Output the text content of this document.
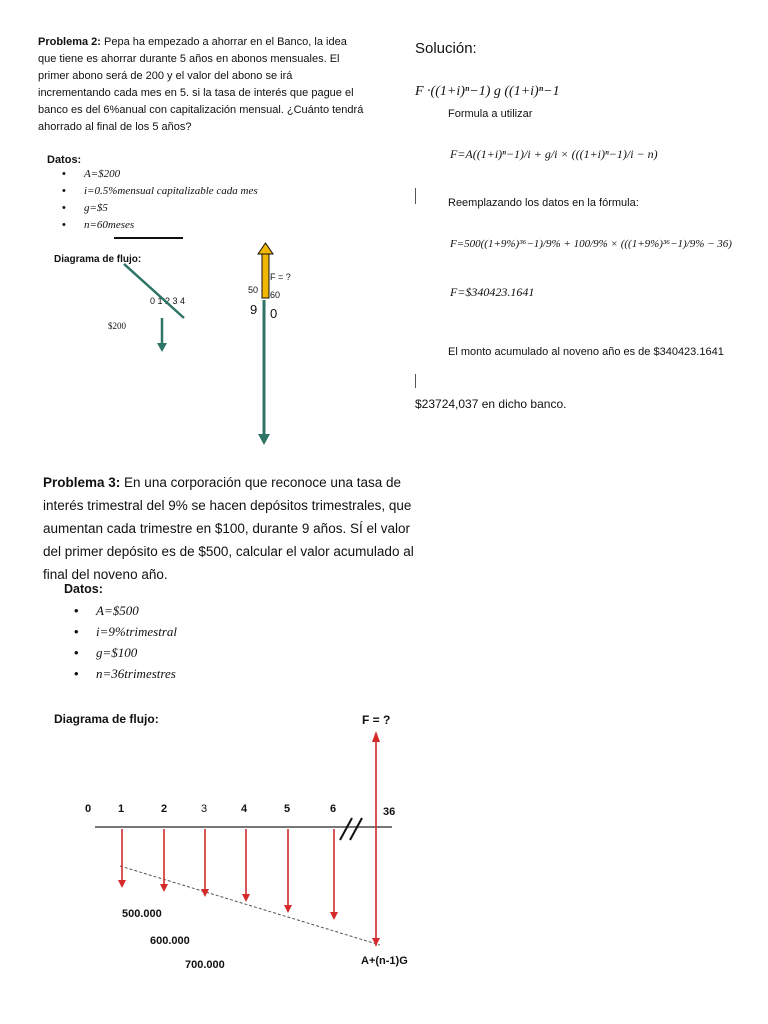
Problema 2: Pepa ha empezado a ahorrar en el Banco, la idea que tiene es ahorrar durante 5 años en abonos mensuales. El primer abono será de 200 y el valor del abono se irá incrementando cada mes en 5. si la tasa de interés que pague el banco es del 6%anual con capitalización mensual. ¿Cuánto tendrá ahorrado al final de los 5 años?
Datos:
• A=$200
• i=0.5%mensual capitalizable cada mes
• g=$5
• n=60meses
Diagrama de flujo:
0 1 2 3 4
$200
F = ?
50 60
9 0
Solución:
F ·((1+i)ⁿ−1) g ((1+i)ⁿ−1
Formula a utilizar
F=A((1+i)ⁿ−1)/i + g/i × (((1+i)ⁿ−1)/i − n)
Reemplazando los datos en la fórmula:
F=500((1+9%)³⁶−1)/9% + 100/9% × (((1+9%)³⁶−1)/9% − 36)
F=$340423.1641
El monto acumulado al noveno año es de $340423.1641
$23724,037 en dicho banco.
Problema 3: En una corporación que reconoce una tasa de interés trimestral del 9% se hacen depósitos trimestrales, que aumentan cada trimestre en $100, durante 9 años. SÍ el valor del primer depósito es de $500, calcular el valor acumulado al final del noveno año.
Datos:
• A=$500
• i=9%trimestral
• g=$100
• n=36trimestres
Diagrama de flujo:	F = ?
0 1	2	3	4	5	6	36
500.000
600.000
700.000	A+(n-1)G
